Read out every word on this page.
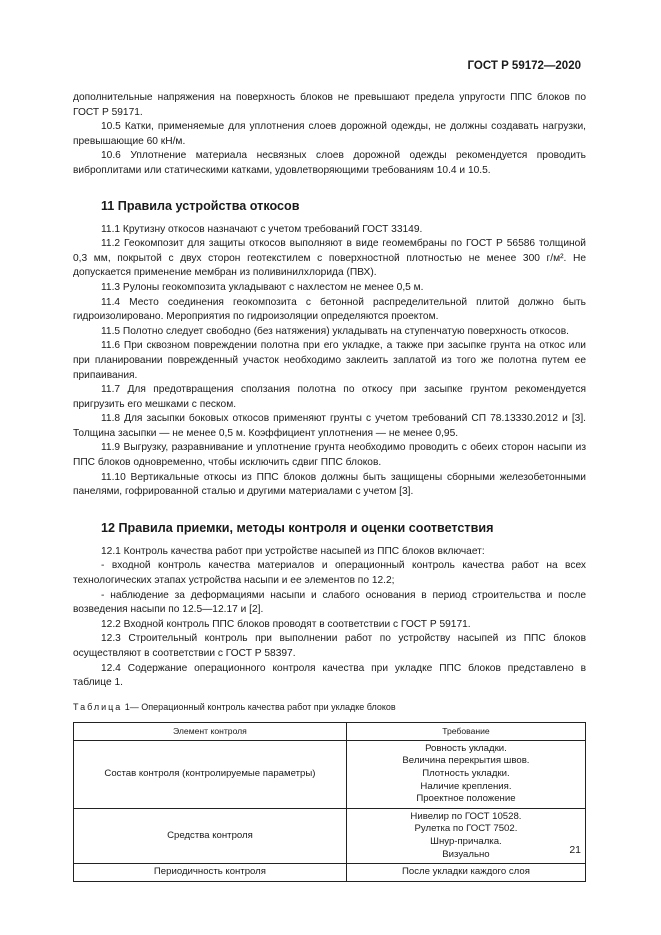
ГОСТ Р 59172—2020

дополнительные напряжения на поверхность блоков не превышают предела упругости ППС блоков по ГОСТ Р 59171.

10.5 Катки, применяемые для уплотнения слоев дорожной одежды, не должны создавать нагрузки, превышающие 60 кН/м.

10.6 Уплотнение материала несвязных слоев дорожной одежды рекомендуется проводить виброплитами или статическими катками, удовлетворяющими требованиям 10.4 и 10.5.

11 Правила устройства откосов

11.1 Крутизну откосов назначают с учетом требований ГОСТ 33149.

11.2 Геокомпозит для защиты откосов выполняют в виде геомембраны по ГОСТ Р 56586 толщиной 0,3 мм, покрытой с двух сторон геотекстилем с поверхностной плотностью не менее 300 г/м². Не допускается применение мембран из поливинилхлорида (ПВХ).

11.3 Рулоны геокомпозита укладывают с нахлестом не менее 0,5 м.

11.4 Место соединения геокомпозита с бетонной распределительной плитой должно быть гидроизолировано. Мероприятия по гидроизоляции определяются проектом.

11.5 Полотно следует свободно (без натяжения) укладывать на ступенчатую поверхность откосов.

11.6 При сквозном повреждении полотна при его укладке, а также при засыпке грунта на откос или при планировании поврежденный участок необходимо заклеить заплатой из того же полотна путем ее припаивания.

11.7 Для предотвращения сползания полотна по откосу при засыпке грунтом рекомендуется пригрузить его мешками с песком.

11.8 Для засыпки боковых откосов применяют грунты с учетом требований СП 78.13330.2012 и [3]. Толщина засыпки — не менее 0,5 м. Коэффициент уплотнения — не менее 0,95.

11.9 Выгрузку, разравнивание и уплотнение грунта необходимо проводить с обеих сторон насыпи из ППС блоков одновременно, чтобы исключить сдвиг ППС блоков.

11.10 Вертикальные откосы из ППС блоков должны быть защищены сборными железобетонными панелями, гофрированной сталью и другими материалами с учетом [3].

12 Правила приемки, методы контроля и оценки соответствия

12.1 Контроль качества работ при устройстве насыпей из ППС блоков включает:

- входной контроль качества материалов и операционный контроль качества работ на всех технологических этапах устройства насыпи и ее элементов по 12.2;

- наблюдение за деформациями насыпи и слабого основания в период строительства и после возведения насыпи по 12.5—12.17 и [2].

12.2 Входной контроль ППС блоков проводят в соответствии с ГОСТ Р 59171.

12.3 Строительный контроль при выполнении работ по устройству насыпей из ППС блоков осуществляют в соответствии с ГОСТ Р 58397.

12.4 Содержание операционного контроля качества при укладке ППС блоков представлено в таблице 1.

Таблица 1— Операционный контроль качества работ при укладке блоков
Элемент контроля	Требование
Состав контроля (контролируемые параметры)	Ровность укладки.
Величина перекрытия швов.
Плотность укладки.
Наличие крепления.
Проектное положение

Средства контроля	Нивелир по ГОСТ 10528.
Рулетка по ГОСТ 7502.
Шнур-причалка.
Визуально

Периодичность контроля	После укладки каждого слоя
21
